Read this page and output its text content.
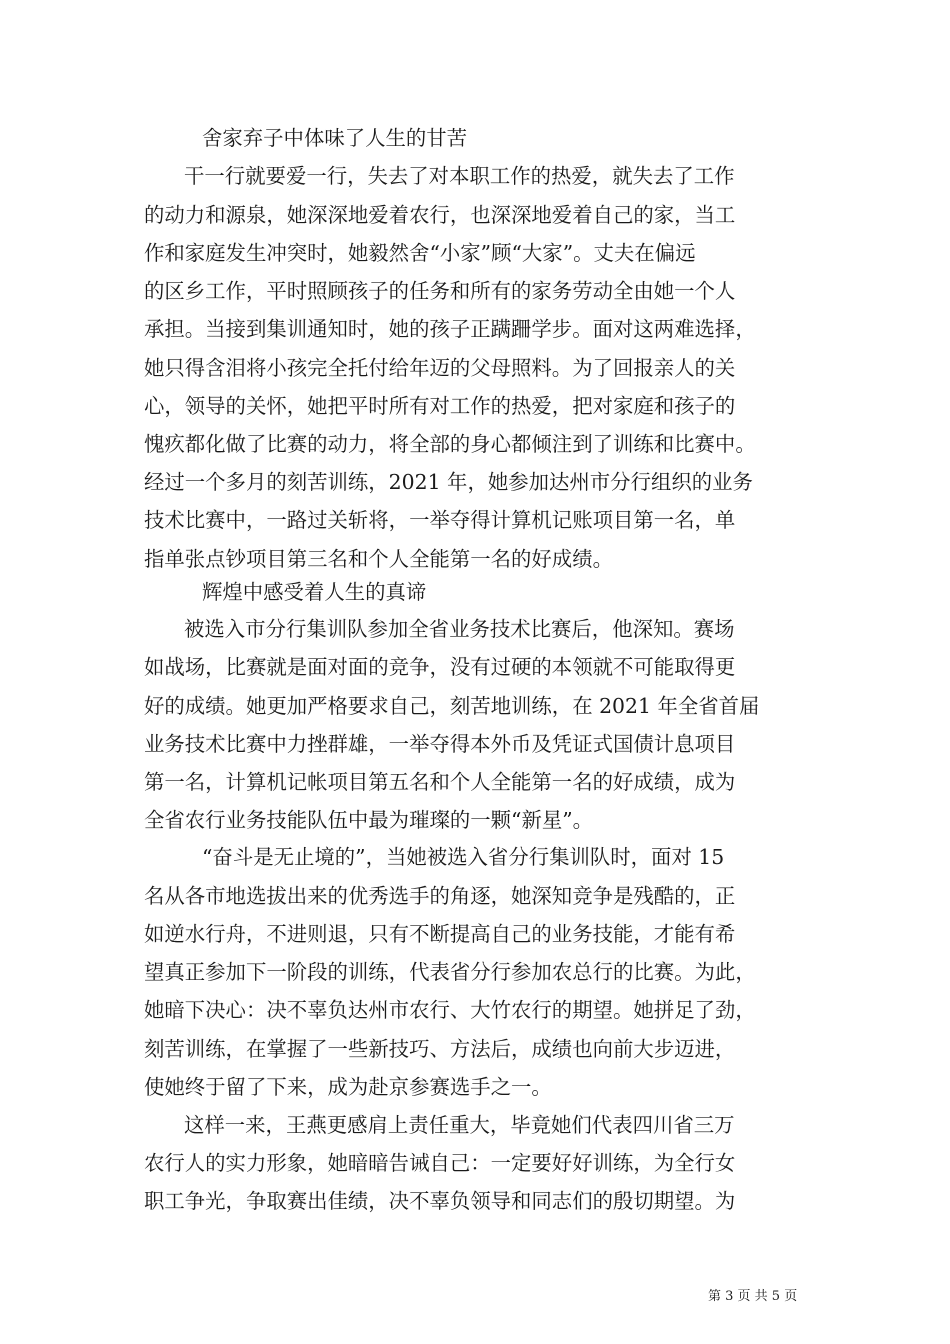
舍家弃子中体味了人生的甘苦
干一行就要爱一行，失去了对本职工作的热爱，就失去了工作
的动力和源泉，她深深地爱着农行，也深深地爱着自己的家，当工
作和家庭发生冲突时，她毅然舍“小家”顾“大家”。丈夫在偏远
的区乡工作，平时照顾孩子的任务和所有的家务劳动全由她一个人
承担。当接到集训通知时，她的孩子正蹒跚学步。面对这两难选择，
她只得含泪将小孩完全托付给年迈的父母照料。为了回报亲人的关
心，领导的关怀，她把平时所有对工作的热爱，把对家庭和孩子的
愧疚都化做了比赛的动力，将全部的身心都倾注到了训练和比赛中。
经过一个多月的刻苦训练，2021 年，她参加达州市分行组织的业务
技术比赛中，一路过关斩将，一举夺得计算机记账项目第一名，单
指单张点钞项目第三名和个人全能第一名的好成绩。
辉煌中感受着人生的真谛
被选入市分行集训队参加全省业务技术比赛后，他深知。赛场
如战场，比赛就是面对面的竞争，没有过硬的本领就不可能取得更
好的成绩。她更加严格要求自己，刻苦地训练，在 2021 年全省首届
业务技术比赛中力挫群雄，一举夺得本外币及凭证式国债计息项目
第一名，计算机记帐项目第五名和个人全能第一名的好成绩，成为
全省农行业务技能队伍中最为璀璨的一颗“新星”。
“奋斗是无止境的”，当她被选入省分行集训队时，面对 15
名从各市地选拔出来的优秀选手的角逐，她深知竞争是残酷的，正
如逆水行舟，不进则退，只有不断提高自己的业务技能，才能有希
望真正参加下一阶段的训练，代表省分行参加农总行的比赛。为此，
她暗下决心：决不辜负达州市农行、大竹农行的期望。她拼足了劲，
刻苦训练，在掌握了一些新技巧、方法后，成绩也向前大步迈进，
使她终于留了下来，成为赴京参赛选手之一。
这样一来，王燕更感肩上责任重大，毕竟她们代表四川省三万
农行人的实力形象，她暗暗告诫自己：一定要好好训练，为全行女
职工争光，争取赛出佳绩，决不辜负领导和同志们的殷切期望。为
第 3 页 共 5 页
